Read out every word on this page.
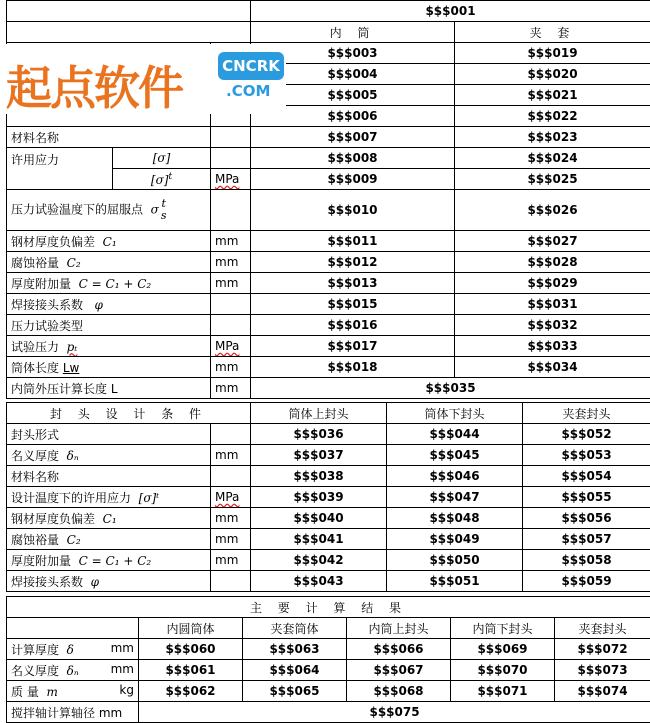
			$$$001	
			内 筒	夹 套
			$$$003	$$$019
			$$$004	$$$020
			$$$005	$$$021
			$$$006	$$$022
材料名称			$$$007	$$$023
许用应力	[σ]		$$$008	$$$024
	$[\sigma]^t$	MPa	$$$009	$$$025
压力试验温度下的屈服点 σ t
s			$$$010	$$$026
钢材厚度负偏差 C₁		mm	$$$011	$$$027
腐蚀裕量 C₂		mm	$$$012	$$$028
厚度附加量 C = C₁ + C₂		mm	$$$013	$$$029
焊接接头系数 φ			$$$015	$$$031
压力试验类型			$$$016	$$$032
试验压力 pₜ		MPa	$$$017	$$$033
筒体长度 Lw		mm	$$$018	$$$034
内筒外压计算长度 L		mm	$$$035	
封 头 设 计 条 件		筒体上封头	筒体下封头	夹套封头
封头形式		$$$036	$$$044	$$$052
名义厚度 δₙ	mm	$$$037	$$$045	$$$053
材料名称		$$$038	$$$046	$$$054
设计温度下的许用应力 [σ]ᵗ	MPa	$$$039	$$$047	$$$055
钢材厚度负偏差 C₁	mm	$$$040	$$$048	$$$056
腐蚀裕量 C₂	mm	$$$041	$$$049	$$$057
厚度附加量 C = C₁ + C₂	mm	$$$042	$$$050	$$$058
焊接接头系数 φ		$$$043	$$$051	$$$059
主 要 计 算 结 果					
	内圆筒体	夹套筒体	内筒上封头	内筒下封头	夹套封头
计算厚度 δ mm	$$$060	$$$063	$$$066	$$$069	$$$072
名义厚度 δₙ mm	$$$061	$$$064	$$$067	$$$070	$$$073
质 量 m kg	$$$062	$$$065	$$$068	$$$071	$$$074
搅拌轴计算轴径 mm	$$$075				
起点软件	CNCRK
.COM
